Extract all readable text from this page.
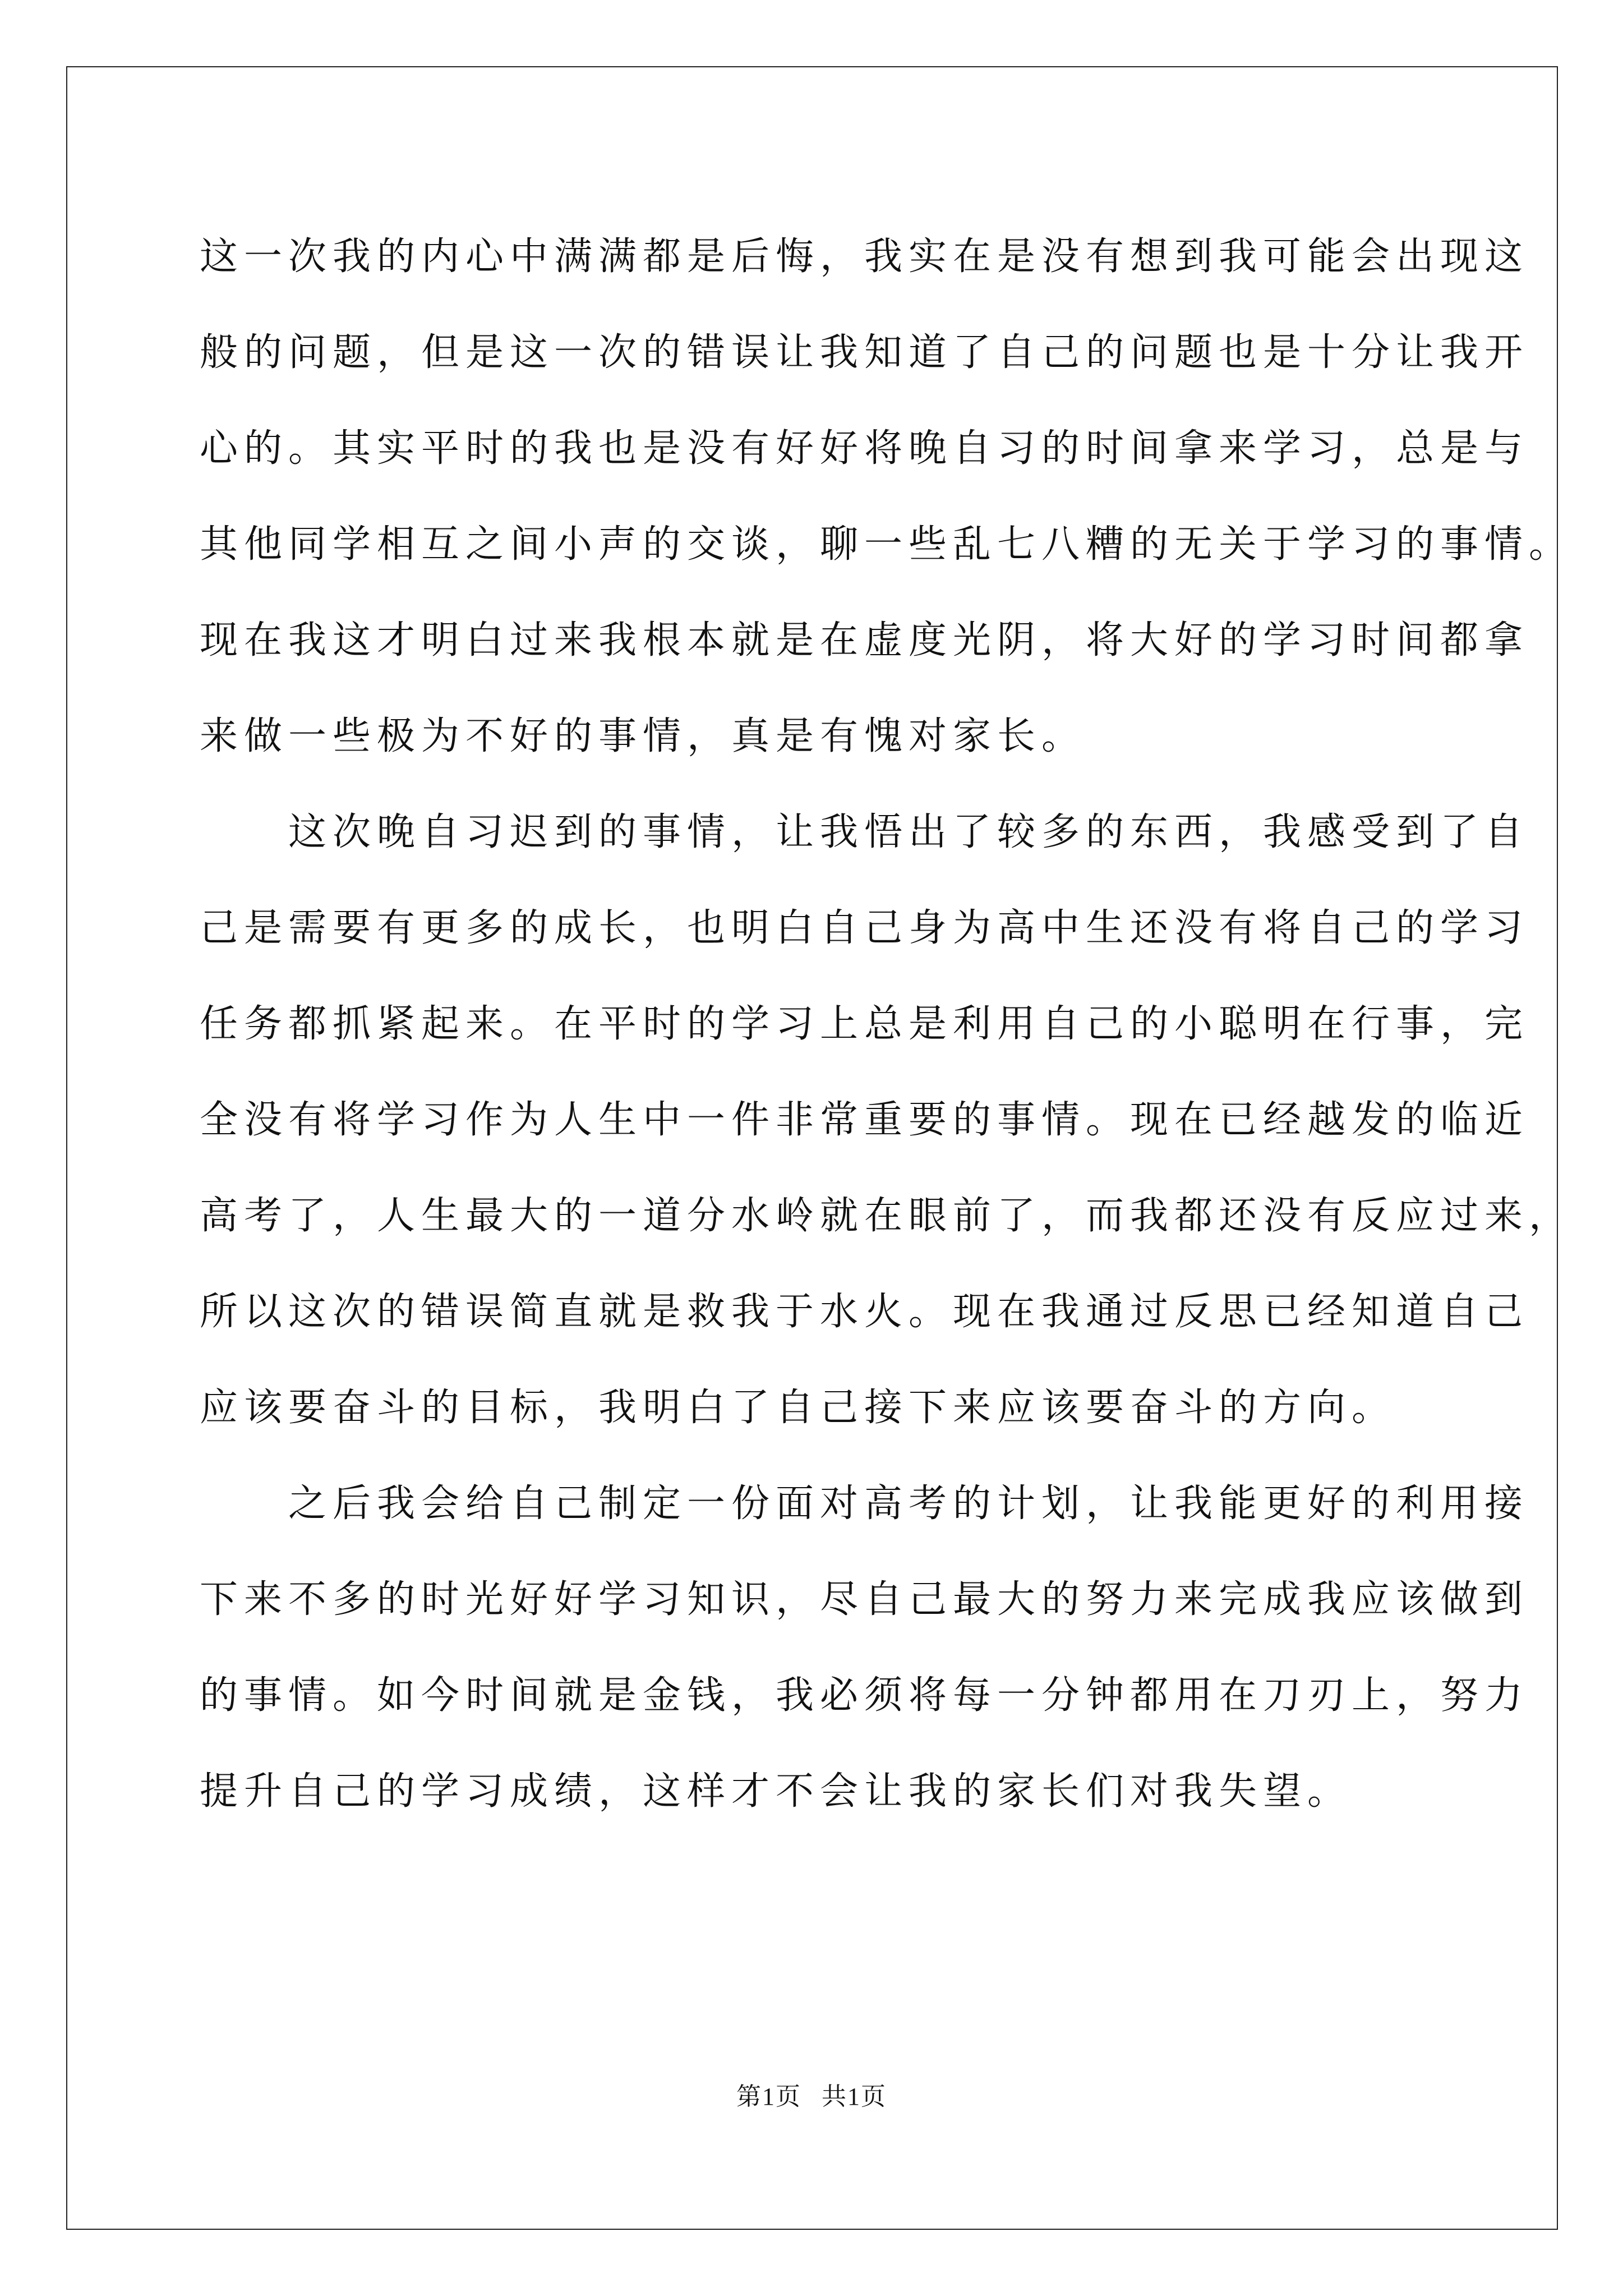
这一次我的内心中满满都是后悔，我实在是没有想到我可能会出现这
般的问题，但是这一次的错误让我知道了自己的问题也是十分让我开
心的。其实平时的我也是没有好好将晚自习的时间拿来学习，总是与
其他同学相互之间小声的交谈，聊一些乱七八糟的无关于学习的事情。
现在我这才明白过来我根本就是在虚度光阴，将大好的学习时间都拿
来做一些极为不好的事情，真是有愧对家长。
　　这次晚自习迟到的事情，让我悟出了较多的东西，我感受到了自
己是需要有更多的成长，也明白自己身为高中生还没有将自己的学习
任务都抓紧起来。在平时的学习上总是利用自己的小聪明在行事，完
全没有将学习作为人生中一件非常重要的事情。现在已经越发的临近
高考了，人生最大的一道分水岭就在眼前了，而我都还没有反应过来，
所以这次的错误简直就是救我于水火。现在我通过反思已经知道自己
应该要奋斗的目标，我明白了自己接下来应该要奋斗的方向。
　　之后我会给自己制定一份面对高考的计划，让我能更好的利用接
下来不多的时光好好学习知识，尽自己最大的努力来完成我应该做到
的事情。如今时间就是金钱，我必须将每一分钟都用在刀刃上，努力
提升自己的学习成绩，这样才不会让我的家长们对我失望。
第1页 共1页
